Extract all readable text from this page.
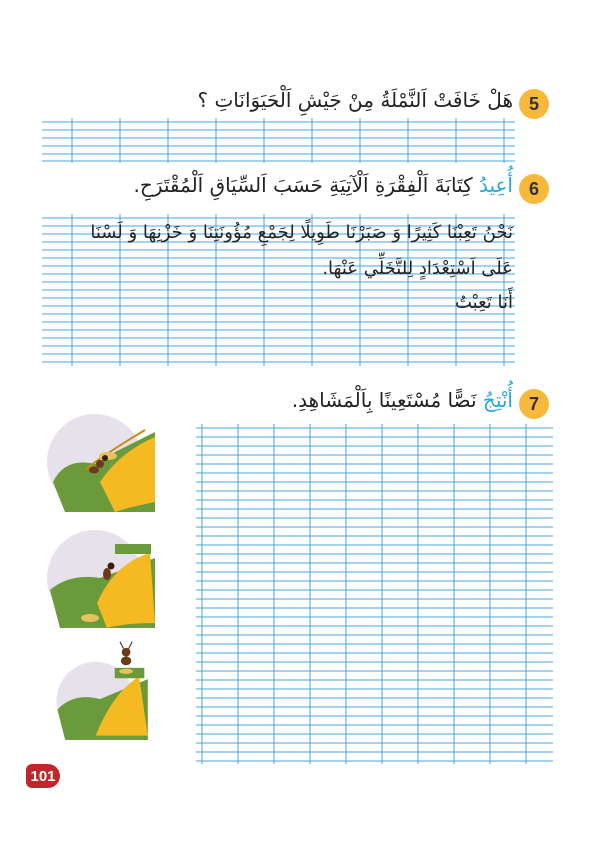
5
هَلْ خَافَتْ اَلنَّمْلَةُ مِنْ جَيْشِ اَلْحَيَوَانَاتِ ؟
6
أُعِيدُ كِتَابَةَ اَلْفِقْرَةِ اَلْآتِيَةِ حَسَبَ اَلسِّيَاقِ اَلْمُقْتَرَحِ.
نَحْنُ تَعِبْنَا كَثِيرًا وَ صَبَرْنَا طَوِيلًا لِجَمْعِ مُؤُونَتِنَا وَ خَزْنِهَا وَ لَسْنَا
عَلَى اَسْتِعْدَادٍ لِلتَّخَلِّي عَنْهَا.
أَنَا تَعِبْتُ
7
أُنْتِجُ نَصًّا مُسْتَعِينًا بِاَلْمَشَاهِدِ.
101
